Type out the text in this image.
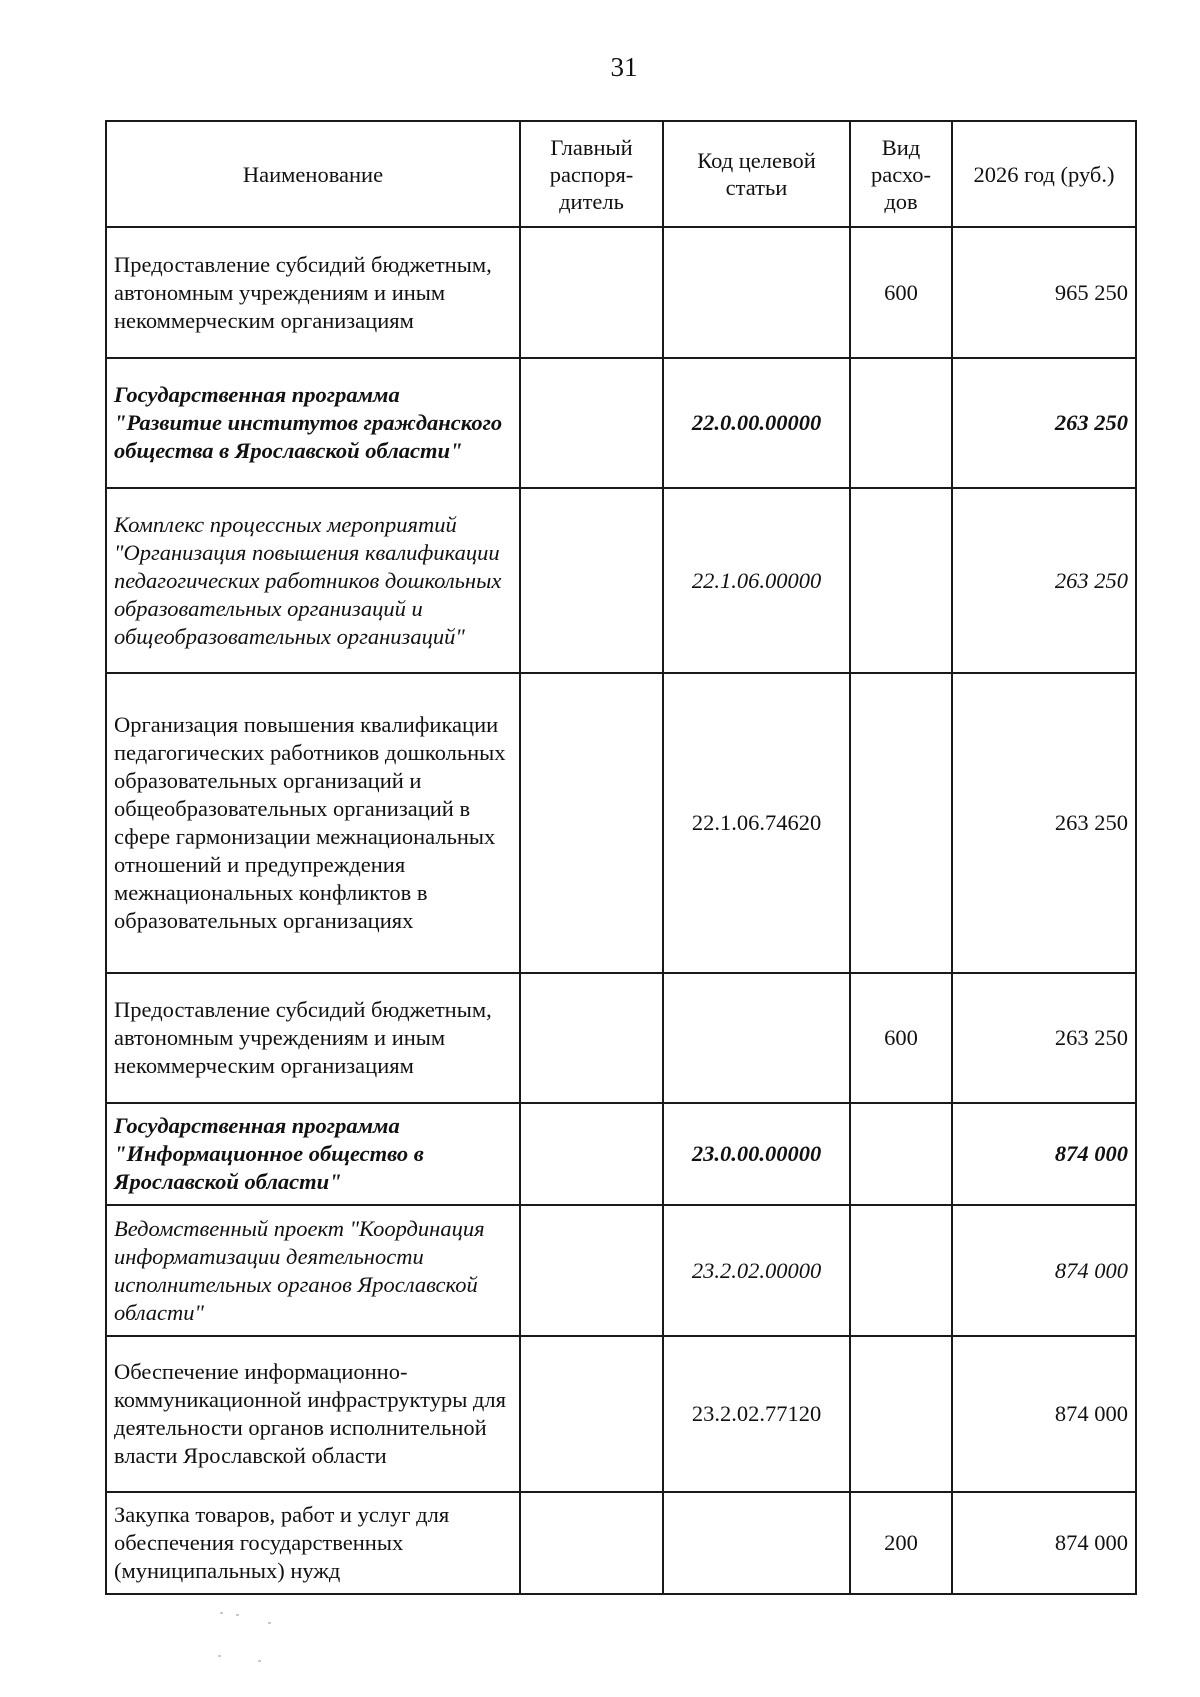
31
Наименование	Главный распоря-дитель	Код целевой статьи	Вид расхо-дов	2026 год (руб.)
Предоставление субсидий бюджетным, автономным учреждениям и иным некоммерческим организациям			600	965 250
Государственная программа "Развитие институтов гражданского общества в Ярославской области"		22.0.00.00000		263 250
Комплекс процессных мероприятий "Организация повышения квалификации педагогических работников дошкольных образовательных организаций и общеобразовательных организаций"		22.1.06.00000		263 250
Организация повышения квалификации педагогических работников дошкольных образовательных организаций и общеобразовательных организаций в сфере гармонизации межнациональных отношений и предупреждения межнациональных конфликтов в образовательных организациях		22.1.06.74620		263 250
Предоставление субсидий бюджетным, автономным учреждениям и иным некоммерческим организациям			600	263 250
Государственная программа "Информационное общество в Ярославской области"		23.0.00.00000		874 000
Ведомственный проект "Координация информатизации деятельности исполнительных органов Ярославской области"		23.2.02.00000		874 000
Обеспечение информационно-коммуникационной инфраструктуры для деятельности органов исполнительной власти Ярославской области		23.2.02.77120		874 000
Закупка товаров, работ и услуг для обеспечения государственных (муниципальных) нужд			200	874 000
